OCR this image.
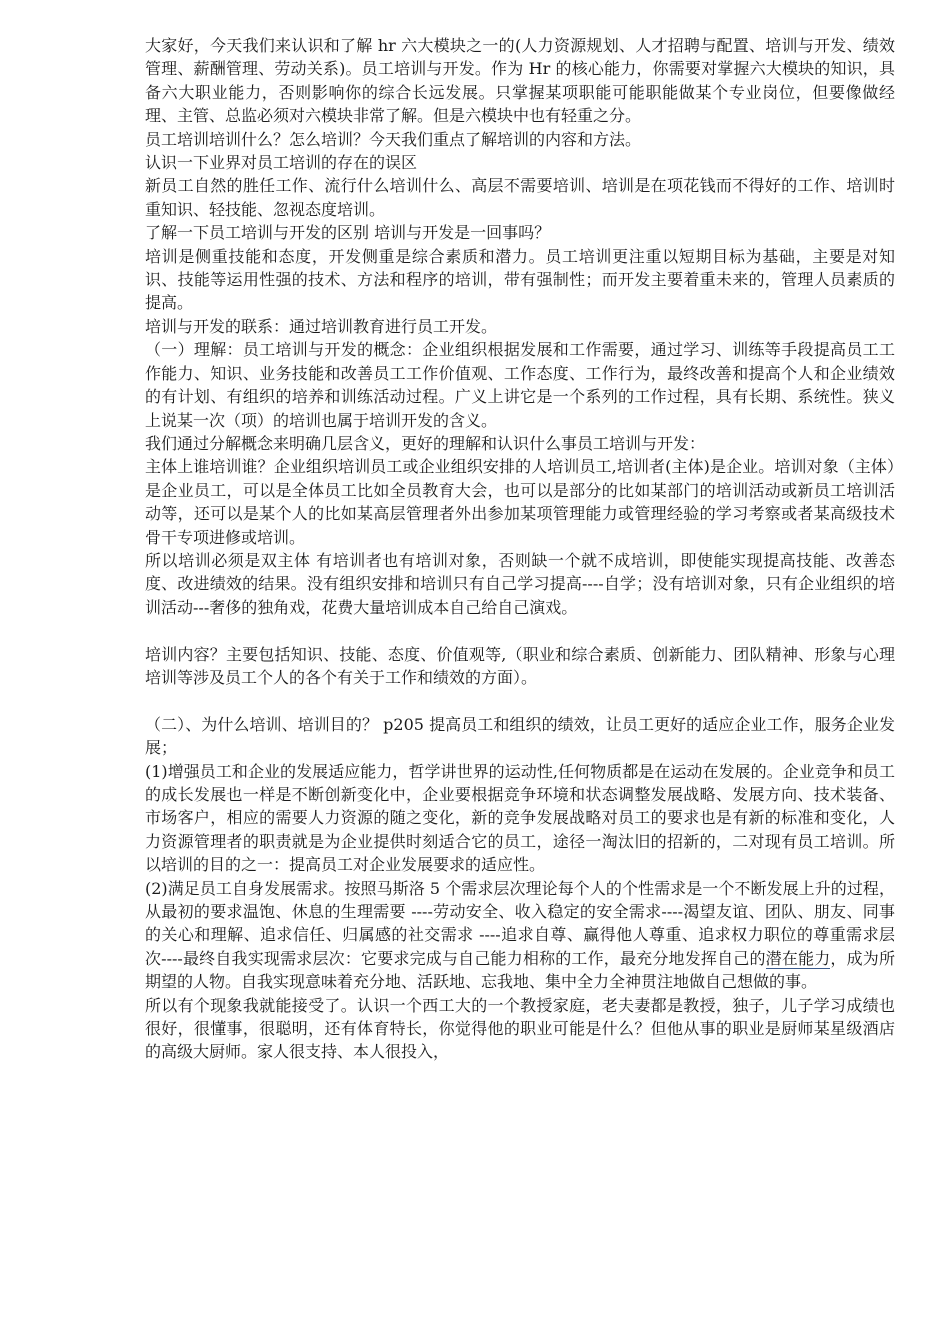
大家好，今天我们来认识和了解 hr 六大模块之一的(人力资源规划、人才招聘与配置、培训与开发、绩效管理、薪酬管理、劳动关系)。员工培训与开发。作为 Hr 的核心能力，你需要对掌握六大模块的知识，具备六大职业能力，否则影响你的综合长远发展。只掌握某项职能可能职能做某个专业岗位，但要像做经理、主管、总监必须对六模块非常了解。但是六模块中也有轻重之分。

员工培训培训什么？怎么培训？今天我们重点了解培训的内容和方法。

认识一下业界对员工培训的存在的误区

新员工自然的胜任工作、流行什么培训什么、高层不需要培训、培训是在项花钱而不得好的工作、培训时重知识、轻技能、忽视态度培训。

了解一下员工培训与开发的区别 培训与开发是一回事吗？

培训是侧重技能和态度，开发侧重是综合素质和潜力。员工培训更注重以短期目标为基础，主要是对知识、技能等运用性强的技术、方法和程序的培训，带有强制性；而开发主要着重未来的，管理人员素质的提高。

培训与开发的联系：通过培训教育进行员工开发。

（一）理解：员工培训与开发的概念：企业组织根据发展和工作需要，通过学习、训练等手段提高员工工作能力、知识、业务技能和改善员工工作价值观、工作态度、工作行为，最终改善和提高个人和企业绩效的有计划、有组织的培养和训练活动过程。广义上讲它是一个系列的工作过程，具有长期、系统性。狭义上说某一次（项）的培训也属于培训开发的含义。

我们通过分解概念来明确几层含义，更好的理解和认识什么事员工培训与开发：

主体上谁培训谁？企业组织培训员工或企业组织安排的人培训员工,培训者(主体)是企业。培训对象（主体）是企业员工，可以是全体员工比如全员教育大会，也可以是部分的比如某部门的培训活动或新员工培训活动等，还可以是某个人的比如某高层管理者外出参加某项管理能力或管理经验的学习考察或者某高级技术骨干专项进修或培训。

所以培训必须是双主体 有培训者也有培训对象，否则缺一个就不成培训，即使能实现提高技能、改善态度、改进绩效的结果。没有组织安排和培训只有自己学习提高----自学；没有培训对象，只有企业组织的培训活动---奢侈的独角戏，花费大量培训成本自己给自己演戏。

培训内容？主要包括知识、技能、态度、价值观等,（职业和综合素质、创新能力、团队精神、形象与心理培训等涉及员工个人的各个有关于工作和绩效的方面）。

（二）、为什么培训、培训目的？ p205 提高员工和组织的绩效，让员工更好的适应企业工作，服务企业发展；

(1)增强员工和企业的发展适应能力，哲学讲世界的运动性,任何物质都是在运动在发展的。企业竞争和员工的成长发展也一样是不断创新变化中，企业要根据竞争环境和状态调整发展战略、发展方向、技术装备、市场客户，相应的需要人力资源的随之变化，新的竞争发展战略对员工的要求也是有新的标准和变化，人力资源管理者的职责就是为企业提供时刻适合它的员工，途径一淘汰旧的招新的，二对现有员工培训。所以培训的目的之一：提高员工对企业发展要求的适应性。

(2)满足员工自身发展需求。按照马斯洛 5 个需求层次理论每个人的个性需求是一个不断发展上升的过程，从最初的要求温饱、休息的生理需要 ----劳动安全、收入稳定的安全需求----渴望友谊、团队、朋友、同事的关心和理解、追求信任、归属感的社交需求 ----追求自尊、赢得他人尊重、追求权力职位的尊重需求层次----最终自我实现需求层次：它要求完成与自己能力相称的工作，最充分地发挥自己的潜在能力，成为所期望的人物。自我实现意味着充分地、活跃地、忘我地、集中全力全神贯注地做自己想做的事。

所以有个现象我就能接受了。认识一个西工大的一个教授家庭，老夫妻都是教授，独子，儿子学习成绩也很好，很懂事，很聪明，还有体育特长，你觉得他的职业可能是什么？但他从事的职业是厨师某星级酒店的高级大厨师。家人很支持、本人很投入，
